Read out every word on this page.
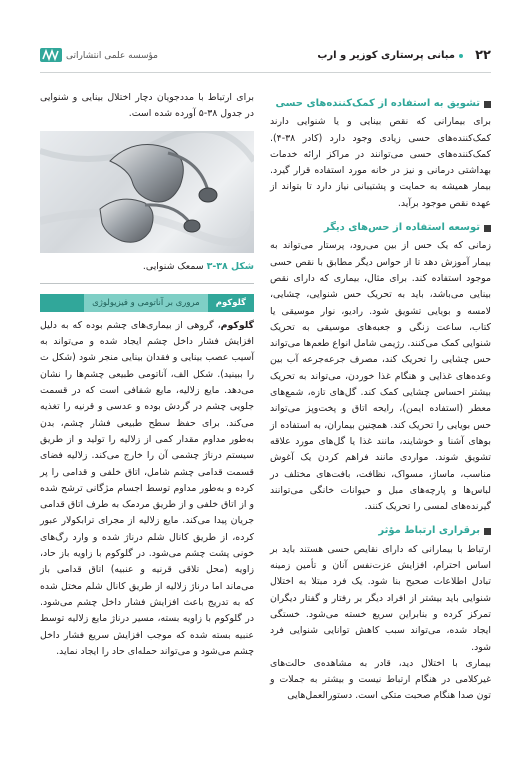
۲۲
مبانی پرستاری کوزیر و ارب
مؤسسه علمی انتشاراتی
تشویق به استفاده از کمک‌کننده‌های حسی

برای بیمارانی که نقص بینایی و یا شنوایی دارند کمک‌کننده‌های حسی زیادی وجود دارد (کادر ۳۸-۴). کمک‌کننده‌های حسی می‌توانند در مراکز ارائه خدمات بهداشتی درمانی و نیز در خانه مورد استفاده قرار گیرد. بیمار همیشه به حمایت و پشتیبانی نیاز دارد تا بتواند از عهده نقص موجود برآید.

توسعه استفاده از حس‌های دیگر

زمانی که یک حس از بین می‌رود، پرستار می‌تواند به بیمار آموزش دهد تا از حواس دیگر مطابق با نقص حسی موجود استفاده کند. برای مثال، بیماری که دارای نقص بینایی می‌باشد، باید به تحریک حس شنوایی، چشایی، لامسه و بویایی تشویق شود. رادیو، نوار موسیقی یا کتاب، ساعت زنگی و جعبه‌های موسیقی به تحریک شنوایی کمک می‌کنند. رژیمی شامل انواع طعم‌ها می‌تواند حس چشایی را تحریک کند، مصرف جرعه‌جرعه آب بین وعده‌های غذایی و هنگام غذا خوردن، می‌تواند به تحریک بیشتر احساس چشایی کمک کند. گل‌های تازه، شمع‌های معطر (استفاده ایمن)، رایحه اتاق و پخت‌وپز می‌تواند حس بویایی را تحریک کند. همچنین بیماران، به استفاده از بوهای آشنا و خوشایند، مانند غذا یا گل‌های مورد علاقه تشویق شوند. مواردی مانند فراهم کردن یک آغوش مناسب، ماساژ، مسواک، نظافت، بافت‌های مختلف در لباس‌ها و پارچه‌های مبل و حیوانات خانگی می‌توانند گیرنده‌های لمسی را تحریک کنند.

برقراری ارتباط مؤثر

ارتباط با بیمارانی که دارای نقایص حسی هستند باید بر اساس احترام، افزایش عزت‌نفس آنان و تأمین زمینه تبادل اطلاعات صحیح بنا شود. یک فرد مبتلا به اختلال شنوایی باید بیشتر از افراد دیگر بر رفتار و گفتار دیگران تمرکز کرده و بنابراین سریع خسته می‌شود. خستگی ایجاد شده، می‌تواند سبب کاهش توانایی شنوایی فرد شود.

بیماری با اختلال دید، قادر به مشاهده‌ی حالت‌های غیرکلامی در هنگام ارتباط نیست و بیشتر به جملات و تون صدا هنگام صحبت متکی است. دستورالعمل‌هایی

برای ارتباط با مددجویان دچار اختلال بینایی و شنوایی در جدول ۳۸-۵ آورده شده است.

شکل ۳۸-۳ سمعک شنوایی.
گلوکوم
مروری بر آناتومی و فیزیولوژی

گلوکوم، گروهی از بیماری‌های چشم بوده که به دلیل افزایش فشار داخل چشم ایجاد شده و می‌تواند به آسیب عصب بینایی و فقدان بینایی منجر شود (شکل ت را ببینید). شکل الف، آناتومی طبیعی چشم‌ها را نشان می‌دهد. مایع زلالیه، مایع شفافی است که در قسمت جلویی چشم در گردش بوده و عدسی و قرنیه را تغذیه می‌کند. برای حفظ سطح طبیعی فشار چشم، بدن به‌طور مداوم مقدار کمی از زلالیه را تولید و از طریق سیستم درناژ چشمی آن را خارج می‌کند. زلالیه فضای قسمت قدامی چشم شامل، اتاق خلفی و قدامی را پر کرده و به‌طور مداوم توسط اجسام مژگانی ترشح شده و از اتاق خلفی و از طریق مردمک به طرف اتاق قدامی جریان پیدا می‌کند. مایع زلالیه از مجرای ترابکولار عبور کرده، از طریق کانال شلم درناژ شده و وارد رگ‌های خونی پشت چشم می‌شود. در گلوکوم با زاویه باز حاد، زاویه (محل تلاقی قرنیه و عنبیه) اتاق قدامی باز می‌ماند اما درناژ زلالیه از طریق کانال شلم مختل شده که به تدریج باعث افزایش فشار داخل چشم می‌شود. در گلوکوم با زاویه بسته، مسیر درناژ مایع زلالیه توسط عنبیه بسته شده که موجب افزایش سریع فشار داخل چشم می‌شود و می‌تواند حمله‌ای حاد را ایجاد نماید.
